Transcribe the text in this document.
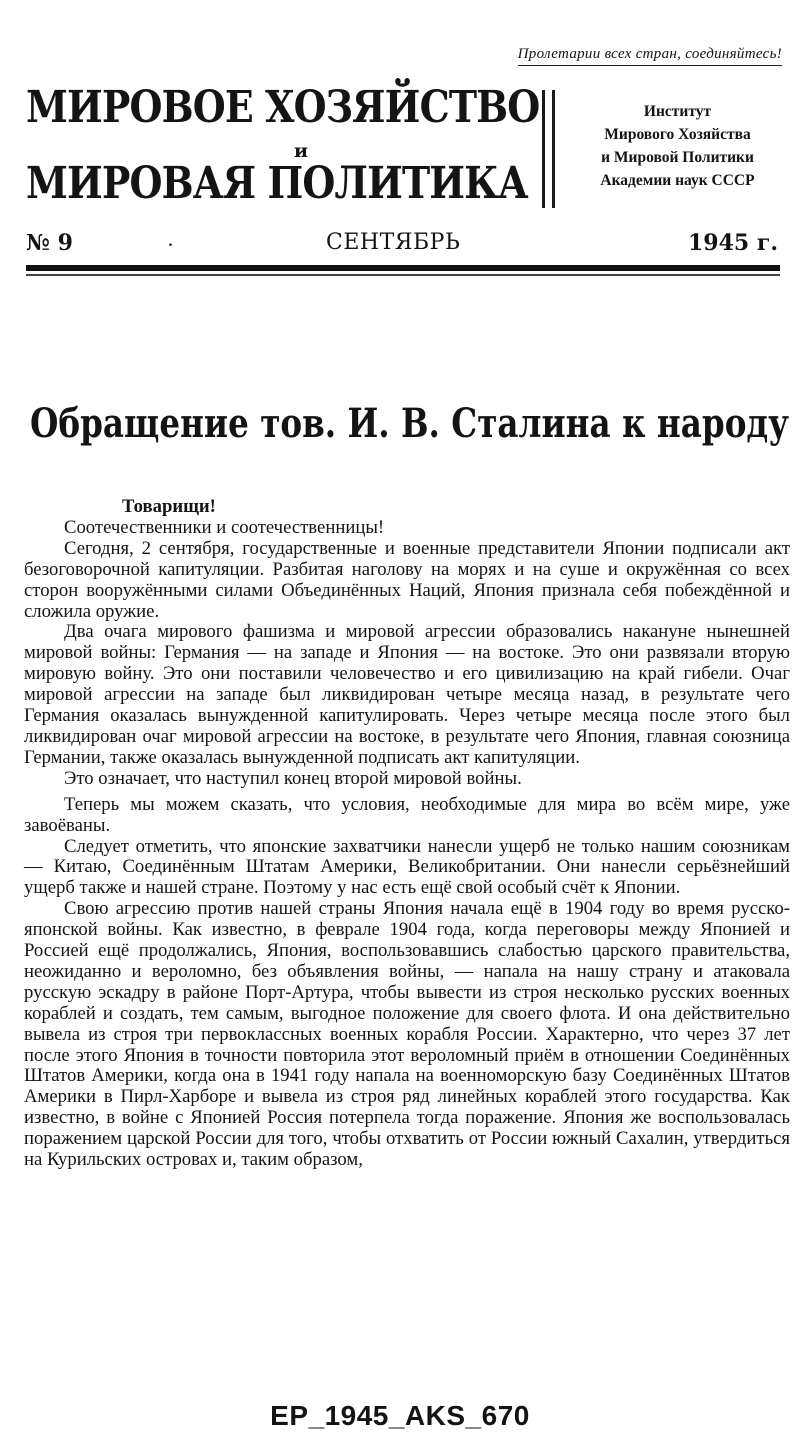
Пролетарии всех стран, соединяйтесь!
МИРОВОЕ ХОЗЯЙСТВО
и
МИРОВАЯ ПОЛИТИКА
Институт
Мирового Хозяйства
и Мировой Политики
Академии наук СССР
№ 9	.	СЕНТЯБРЬ	1945 г.
Обращение тов. И. В. Сталина к народу

Товарищи!

Соотечественники и соотечественницы!

Сегодня, 2 сентября, государственные и военные представители Японии подписали акт безоговорочной капитуляции. Разбитая наголову на морях и на суше и окружённая со всех сторон вооружёнными силами Объединённых Наций, Япония признала себя побеждённой и сложила оружие.

Два очага мирового фашизма и мировой агрессии образовались накануне нынешней мировой войны: Германия — на западе и Япония — на востоке. Это они развязали вторую мировую войну. Это они поставили человечество и его цивилизацию на край гибели. Очаг мировой агрессии на западе был ликвидирован четыре месяца назад, в результате чего Германия оказалась вынужденной капитулировать. Через четыре месяца после этого был ликвидирован очаг мировой агрессии на востоке, в результате чего Япония, главная союзница Германии, также оказалась вынужденной подписать акт капитуляции.

Это означает, что наступил конец второй мировой войны.

Теперь мы можем сказать, что условия, необходимые для мира во всём мире, уже завоёваны.

Следует отметить, что японские захватчики нанесли ущерб не только нашим союзникам — Китаю, Соединённым Штатам Америки, Великобритании. Они нанесли серьёзнейший ущерб также и нашей стране. Поэтому у нас есть ещё свой особый счёт к Японии.

Свою агрессию против нашей страны Япония начала ещё в 1904 году во время русско-японской войны. Как известно, в феврале 1904 года, когда переговоры между Японией и Россией ещё продолжались, Япония, воспользовавшись слабостью царского правительства, неожиданно и вероломно, без объявления войны, — напала на нашу страну и атаковала русскую эскадру в районе Порт-Артура, чтобы вывести из строя несколько русских военных кораблей и создать, тем самым, выгодное положение для своего флота. И она действительно вывела из строя три первоклассных военных корабля России. Характерно, что через 37 лет после этого Япония в точности повторила этот вероломный приём в отношении Соединённых Штатов Америки, когда она в 1941 году напала на военноморскую базу Соединённых Штатов Америки в Пирл-Харборе и вывела из строя ряд линейных кораблей этого государства. Как известно, в войне с Японией Россия потерпела тогда поражение. Япония же воспользовалась поражением царской России для того, чтобы отхватить от России южный Сахалин, утвердиться на Курильских островах и, таким образом,

EP_1945_AKS_670
